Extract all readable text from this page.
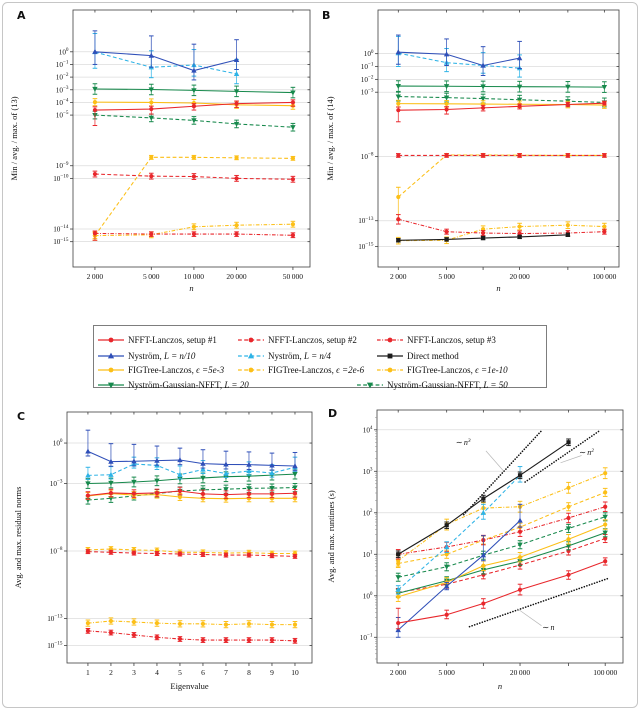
2 000	5 000	10 000	20 000	50 000
$10^0$
$10^{-1}$
$10^{-2}$
$10^{-3}$
$10^{-4}$
$10^{-5}$
$10^{-9}$
$10^{-10}$
$10^{-14}$
$10^{-15}$
Min / avg. / max. of (13)
n
2 000	5 000	20 000	100 000
$10^0$
$10^{-1}$
$10^{-2}$
$10^{-3}$
$10^{-8}$
$10^{-13}$
$10^{-15}$
Min / avg. / max. of (14)
n
1	2	3	4	5	6	7	8	9 10
$10^0$
$10^{-3}$
$10^{-8}$
$10^{-13}$
$10^{-15}$
Avg. and max. residual norms
Eigenvalue
2 000	5 000	20 000	100 000
$10^4$
$10^3$
$10^2$
$10^1$
$10^0$
$10^{-1}$
Avg. and max. runtimes (s)
n
∼ $n^3$
∼ $n^2$
∼ n
A	B
C	D
NFFT-Lanczos, setup #1	NFFT-Lanczos, setup #2	NFFT-Lanczos, setup #3
Nyström, L = n/10	Nyström, L = n/4	Direct method
FIGTree-Lanczos, ϵ =5e-3	FIGTree-Lanczos, ϵ =2e-6	FIGTree-Lanczos, ϵ =1e-10
Nyström-Gaussian-NFFT, L = 20	Nyström-Gaussian-NFFT, L = 50
